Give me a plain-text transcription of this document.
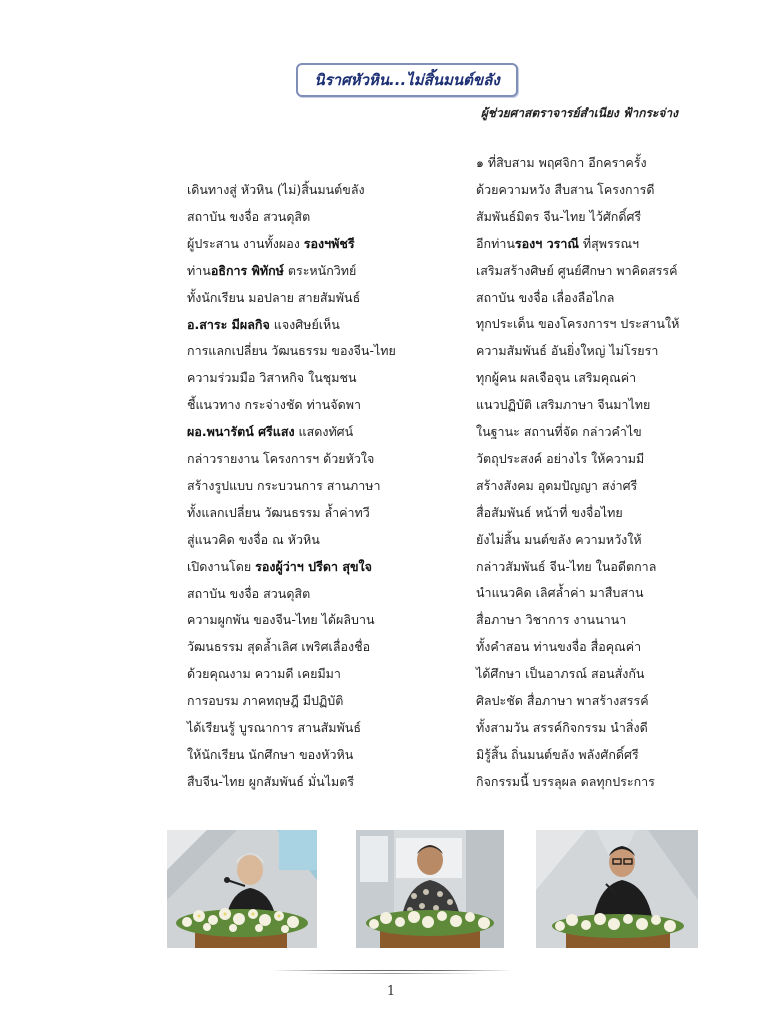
นิราศหัวหิน...ไม่สิ้นมนต์ขลัง
ผู้ช่วยศาสตราจารย์สำเนียง ฟ้ากระจ่าง
เดินทางสู่ หัวหิน (ไม่)สิ้นมนต์ขลัง
สถาบัน ขงจื่อ สวนดุสิต
ผู้ประสาน งานทั้งผอง รองฯพัชรี
ท่านอธิการ พิทักษ์ ตระหนักวิทย์
ทั้งนักเรียน มอปลาย สายสัมพันธ์
อ.สาระ มีผลกิจ แจงศิษย์เห็น
การแลกเปลี่ยน วัฒนธรรม ของจีน-ไทย
ความร่วมมือ วิสาหกิจ ในชุมชน
ชี้แนวทาง กระจ่างชัด ท่านจัดพา
ผอ.พนารัตน์ ศรีแสง แสดงทัศน์
กล่าวรายงาน โครงการฯ ด้วยหัวใจ
สร้างรูปแบบ กระบวนการ สานภาษา
ทั้งแลกเปลี่ยน วัฒนธรรม ล้ำค่าทวี
สู่แนวคิด ขงจื่อ ณ หัวหิน
เปิดงานโดย รองผู้ว่าฯ ปรีดา สุขใจ
สถาบัน ขงจื่อ สวนดุสิต
ความผูกพัน ของจีน-ไทย ได้ผลิบาน
วัฒนธรรม สุดล้ำเลิศ เพริศเลื่องชื่อ
ด้วยคุณงาม ความดี เคยมีมา
การอบรม ภาคทฤษฎี มีปฏิบัติ
ได้เรียนรู้ บูรณาการ สานสัมพันธ์
ให้นักเรียน นักศึกษา ของหัวหิน
สืบจีน-ไทย ผูกสัมพันธ์ มั่นไมตรี
๑ ที่สิบสาม พฤศจิกา อีกคราครั้ง
ด้วยความหวัง สืบสาน โครงการดี
สัมพันธ์มิตร จีน-ไทย ไว้ศักดิ์ศรี
อีกท่านรองฯ วราณี ที่สุพรรณฯ
เสริมสร้างศิษย์ ศูนย์ศึกษา พาคิดสรรค์
สถาบัน ขงจื่อ เลื่องลือไกล
ทุกประเด็น ของโครงการฯ ประสานให้
ความสัมพันธ์ อันยิ่งใหญ่ ไม่โรยรา
ทุกผู้คน ผลเจือจุน เสริมคุณค่า
แนวปฏิบัติ เสริมภาษา จีนมาไทย
ในฐานะ สถานที่จัด กล่าวคำไข
วัตถุประสงค์ อย่างไร ให้ความมี
สร้างสังคม อุดมปัญญา สง่าศรี
สื่อสัมพันธ์ หน้าที่ ขงจื่อไทย
ยังไม่สิ้น มนต์ขลัง ความหวังให้
กล่าวสัมพันธ์ จีน-ไทย ในอดีตกาล
นำแนวคิด เลิศล้ำค่า มาสืบสาน
สื่อภาษา วิชาการ งานนานา
ทั้งคำสอน ท่านขงจื่อ สื่อคุณค่า
ได้ศึกษา เป็นอาภรณ์ สอนสั่งกัน
ศิลปะชัด สื่อภาษา พาสร้างสรรค์
ทั้งสามวัน สรรค์กิจกรรม นำสิ่งดี
มิรู้สิ้น ถิ่นมนต์ขลัง พลังศักดิ์ศรี
กิจกรรมนี้ บรรลุผล ดลทุกประการ
1
